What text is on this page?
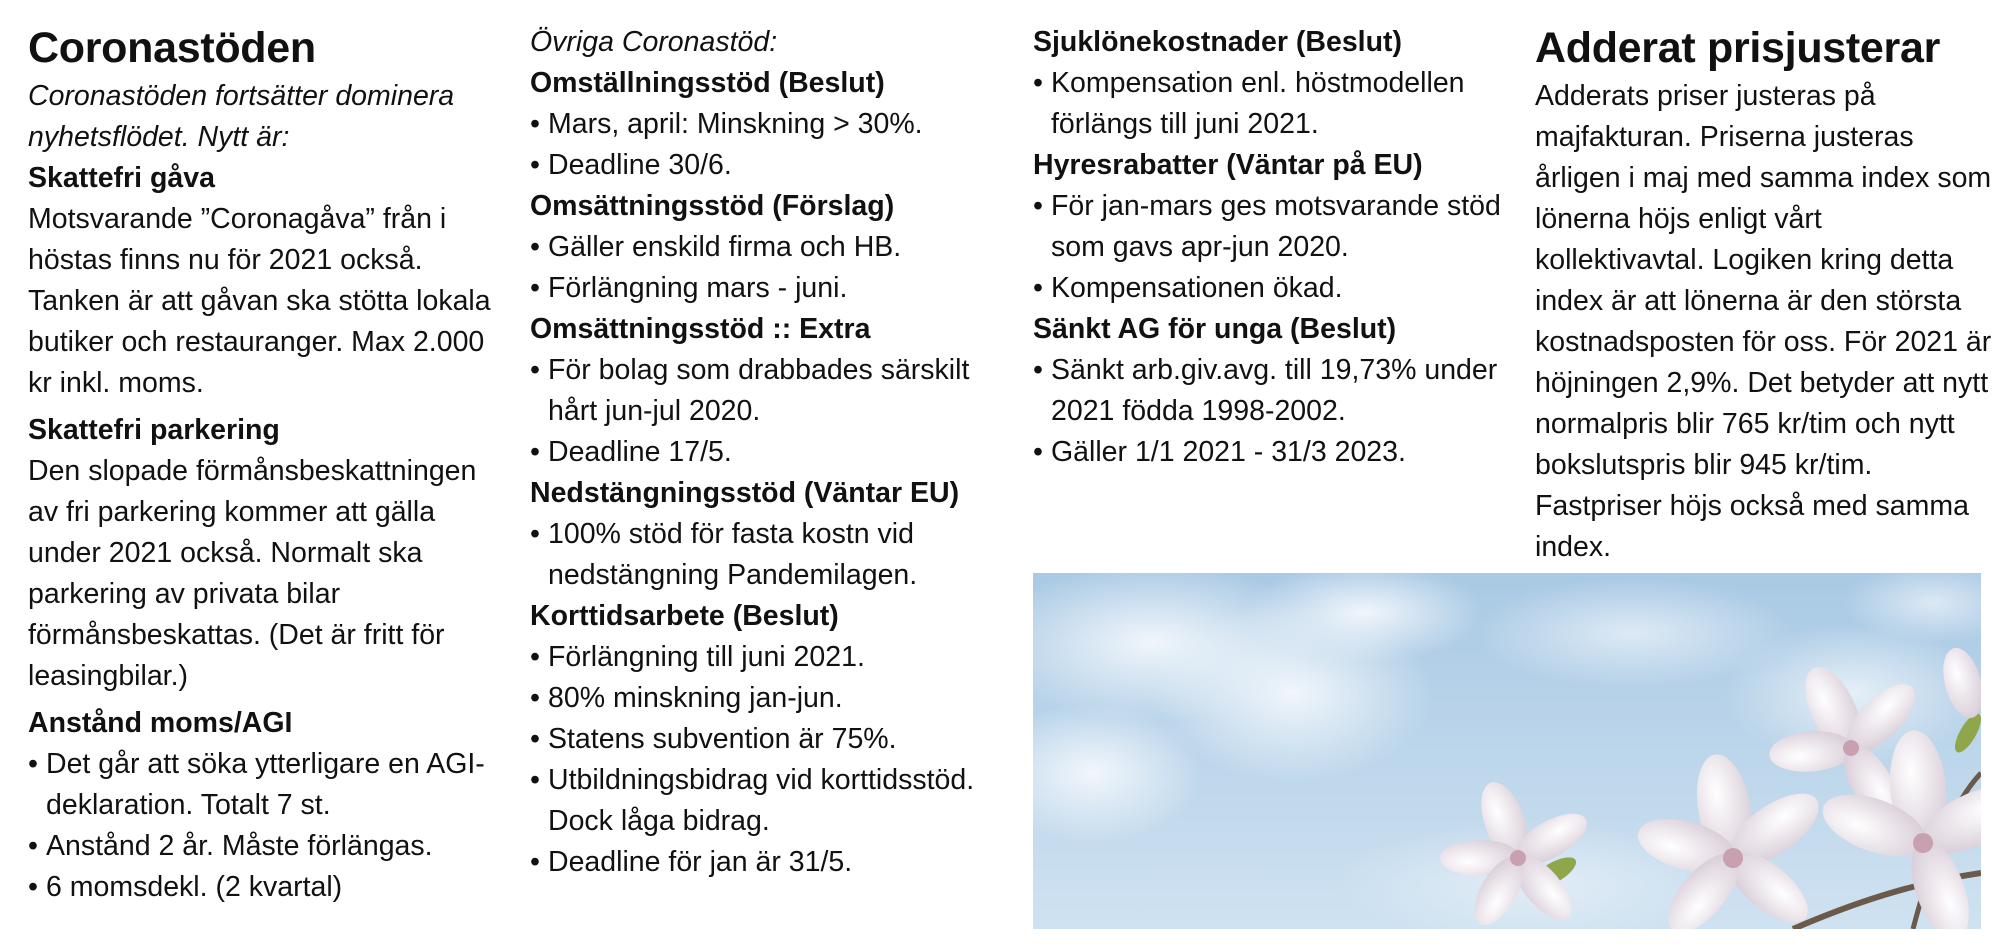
Coronastöden

Coronastöden fortsätter dominera nyhetsflödet. Nytt är:

Skattefri gåva

Motsvarande ”Coronagåva” från i höstas finns nu för 2021 också. Tanken är att gåvan ska stötta lokala butiker och restauranger. Max 2.000 kr inkl. moms.

Skattefri parkering

Den slopade förmånsbeskattningen av fri parkering kommer att gälla under 2021 också. Normalt ska parkering av privata bilar förmånsbeskattas. (Det är fritt för leasingbilar.)

Anstånd moms/AGI

• Det går att söka ytterligare en AGI-deklaration. Totalt 7 st.

• Anstånd 2 år. Måste förlängas.

• 6 momsdekl. (2 kvartal)

Övriga Coronastöd:

Omställningsstöd (Beslut)

• Mars, april: Minskning > 30%.

• Deadline 30/6.

Omsättningsstöd (Förslag)

• Gäller enskild firma och HB.

• Förlängning mars - juni.

Omsättningsstöd :: Extra

• För bolag som drabbades särskilt hårt jun-jul 2020.

• Deadline 17/5.

Nedstängningsstöd (Väntar EU)

• 100% stöd för fasta kostn vid nedstängning Pandemilagen.

Korttidsarbete (Beslut)

• Förlängning till juni 2021.

• 80% minskning jan-jun.

• Statens subvention är 75%.

• Utbildningsbidrag vid korttidsstöd. Dock låga bidrag.

• Deadline för jan är 31/5.

Sjuklönekostnader (Beslut)

• Kompensation enl. höstmodellen förlängs till juni 2021.

Hyresrabatter (Väntar på EU)

• För jan-mars ges motsvarande stöd som gavs apr-jun 2020.

• Kompensationen ökad.

Sänkt AG för unga (Beslut)

• Sänkt arb.giv.avg. till 19,73% under 2021 födda 1998-2002.

• Gäller 1/1 2021 - 31/3 2023.

Adderat prisjusterar

Adderats priser justeras på majfakturan. Priserna justeras årligen i maj med samma index som lönerna höjs enligt vårt kollektivavtal. Logiken kring detta index är att lönerna är den största kostnadsposten för oss. För 2021 är höjningen 2,9%. Det betyder att nytt normalpris blir 765 kr/tim och nytt bokslutspris blir 945 kr/tim. Fastpriser höjs också med samma index.
